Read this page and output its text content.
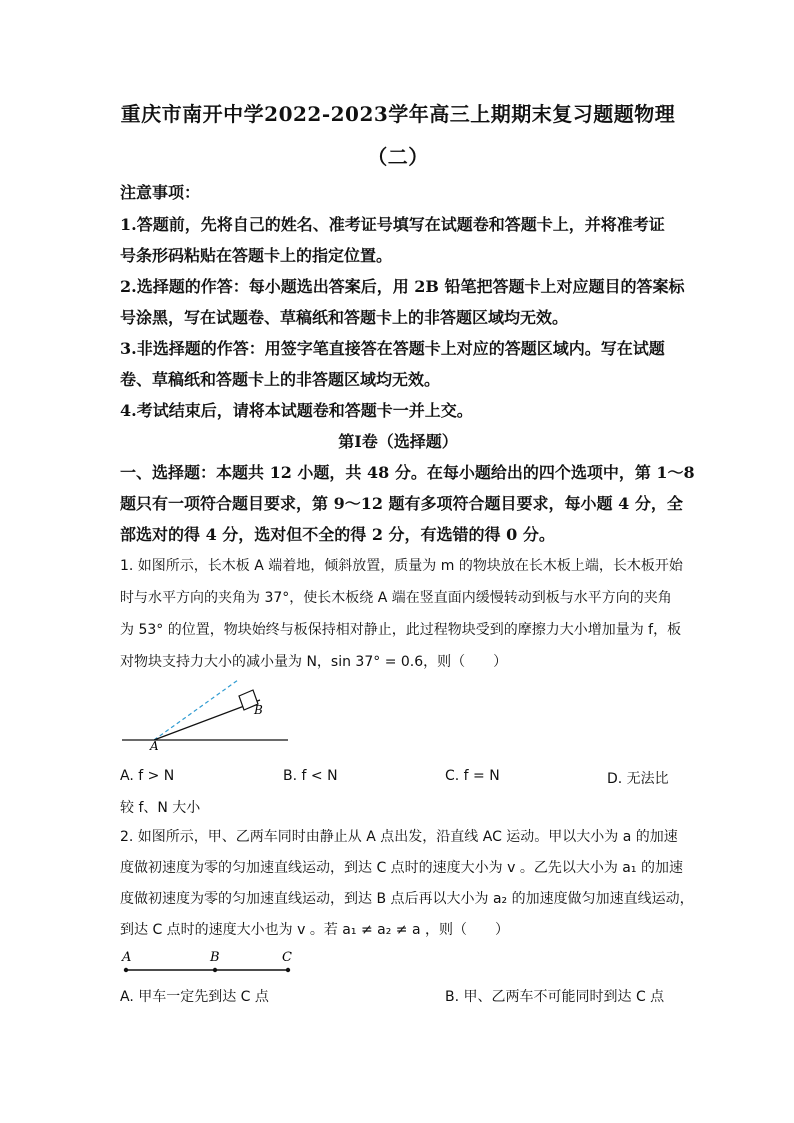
重庆市南开中学2022-2023学年高三上期期末复习题题物理
（二）
注意事项：
1.答题前，先将自己的姓名、准考证号填写在试题卷和答题卡上，并将准考证
号条形码粘贴在答题卡上的指定位置。
2.选择题的作答：每小题选出答案后，用 2B 铅笔把答题卡上对应题目的答案标
号涂黑，写在试题卷、草稿纸和答题卡上的非答题区域均无效。
3.非选择题的作答：用签字笔直接答在答题卡上对应的答题区域内。写在试题
卷、草稿纸和答题卡上的非答题区域均无效。
4.考试结束后，请将本试题卷和答题卡一并上交。
第Ⅰ卷（选择题）
一、选择题：本题共 12 小题，共 48 分。在每小题给出的四个选项中，第 1～8
题只有一项符合题目要求，第 9～12 题有多项符合题目要求，每小题 4 分，全
部选对的得 4 分，选对但不全的得 2 分，有选错的得 0 分。
1. 如图所示，长木板 A 端着地，倾斜放置，质量为 m 的物块放在长木板上端，长木板开始
时与水平方向的夹角为 37°，使长木板绕 A 端在竖直面内缓慢转动到板与水平方向的夹角
为 53° 的位置，物块始终与板保持相对静止，此过程物块受到的摩擦力大小增加量为 f，板
对物块支持力大小的减小量为 N，sin 37° = 0.6，则（　　）
A
B
A. f > N	B. f < N	C. f = N	D. 无法比
较 f、N 大小
2. 如图所示，甲、乙两车同时由静止从 A 点出发，沿直线 AC 运动。甲以大小为 a 的加速
度做初速度为零的匀加速直线运动，到达 C 点时的速度大小为 v 。乙先以大小为 a₁ 的加速
度做初速度为零的匀加速直线运动，到达 B 点后再以大小为 a₂ 的加速度做匀加速直线运动，
到达 C 点时的速度大小也为 v 。若 a₁ ≠ a₂ ≠ a ，则（　　）
A	B	C
A. 甲车一定先到达 C 点	B. 甲、乙两车不可能同时到达 C 点
